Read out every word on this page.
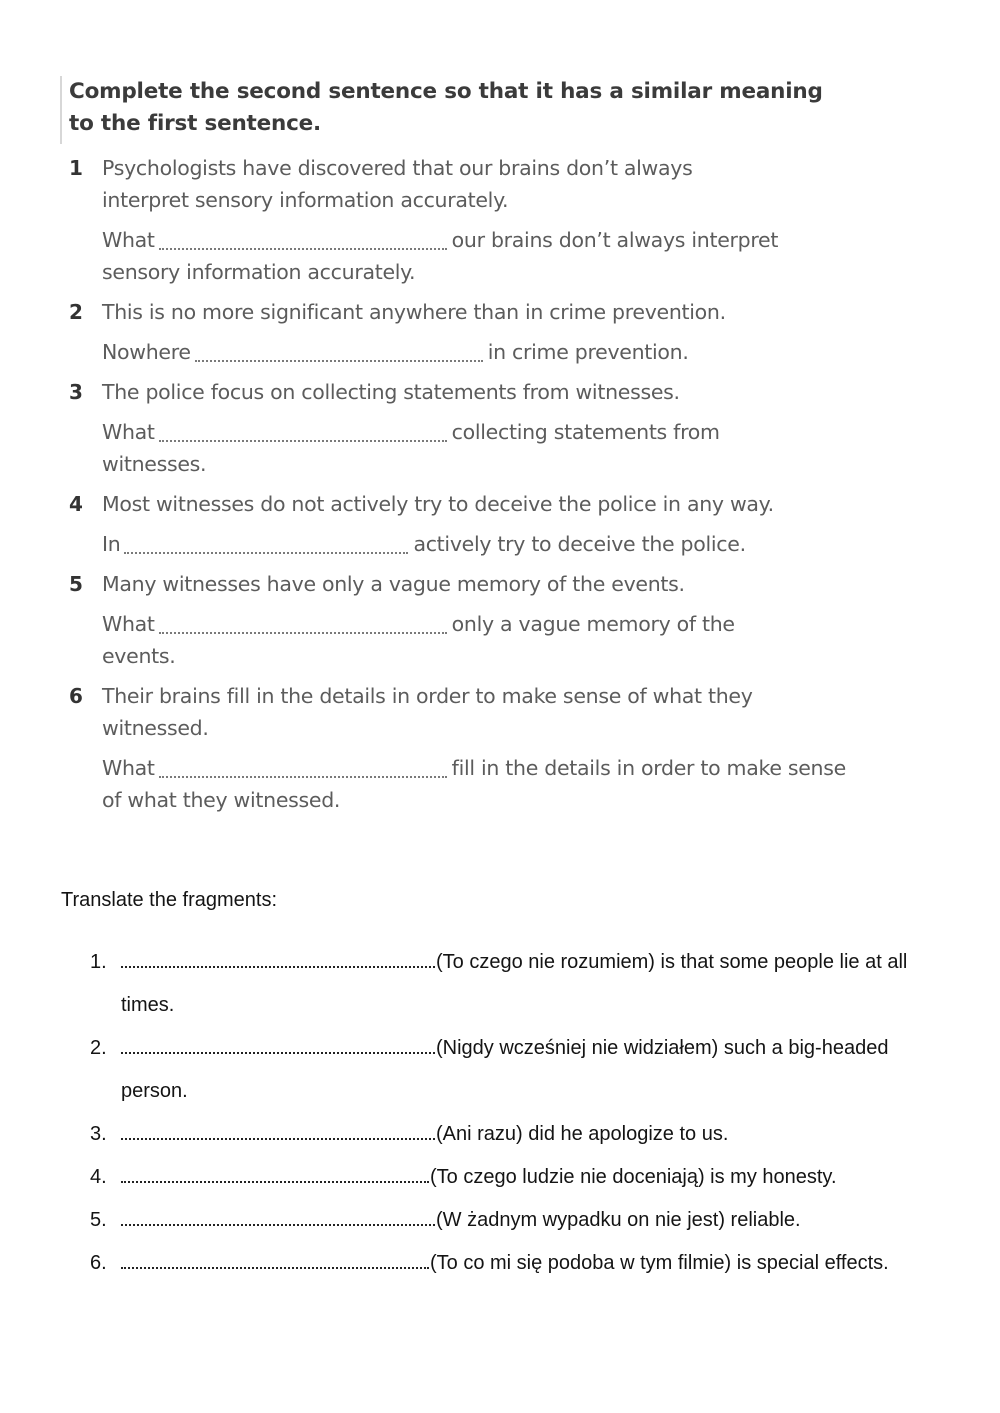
Complete the second sentence so that it has a similar meaning
to the first sentence.

1 Psychologists have discovered that our brains don’t always interpret sensory information accurately.
What	our brains don’t always interpret sensory information accurately.
2 This is no more significant anywhere than in crime prevention.
Nowhere	in crime prevention.
3 The police focus on collecting statements from witnesses.
What	collecting statements from witnesses.
4 Most witnesses do not actively try to deceive the police in any way.
In	actively try to deceive the police.
5 Many witnesses have only a vague memory of the events.
What	only a vague memory of the events.
6 Their brains fill in the details in order to make sense of what they witnessed.
What	fill in the details in order to make sense of what they witnessed.

Translate the fragments:

1.	(To czego nie rozumiem) is that some people lie at all times.
2.	(Nigdy wcześniej nie widziałem) such a big-headed person.
3.	(Ani razu) did he apologize to us.
4.	(To czego ludzie nie doceniają) is my honesty.
5.	(W żadnym wypadku on nie jest) reliable.
6.	(To co mi się podoba w tym filmie) is special effects.
